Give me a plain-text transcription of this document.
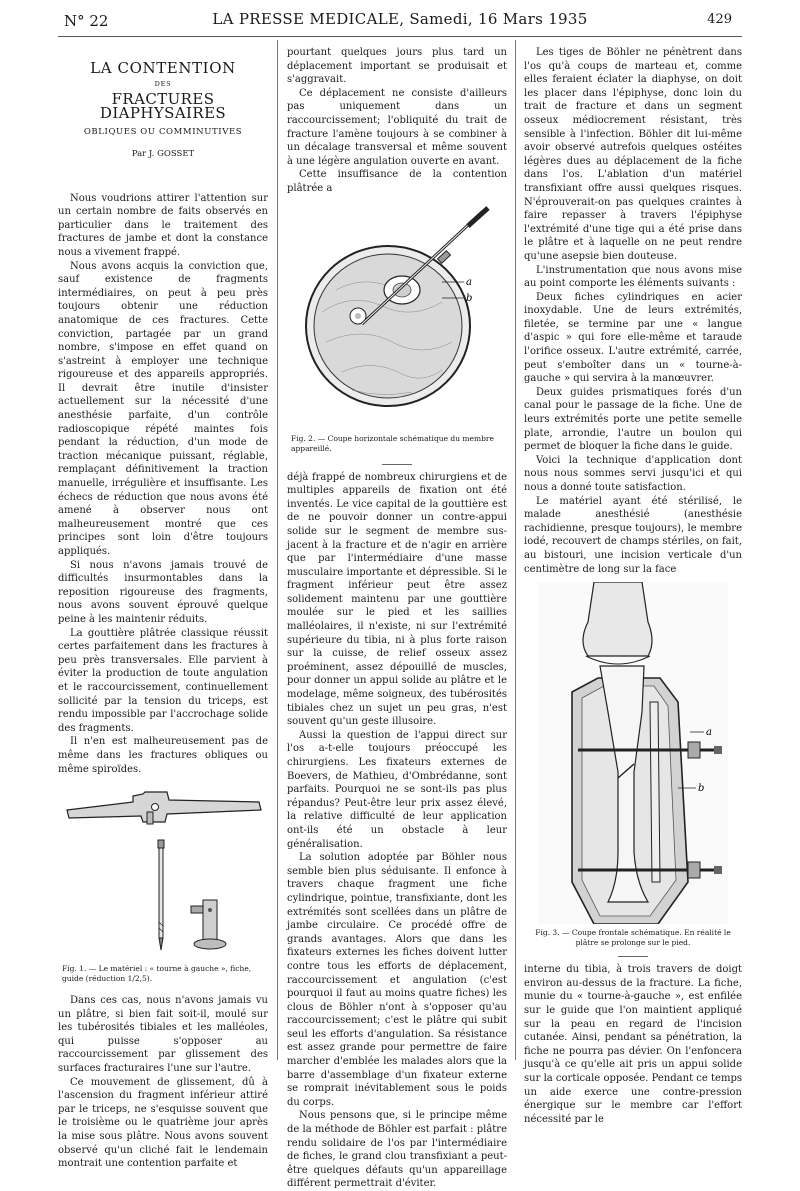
N° 22	LA PRESSE MEDICALE, Samedi, 16 Mars 1935	429
LA CONTENTION
DES
FRACTURES DIAPHYSAIRES
OBLIQUES OU COMMINUTIVES
Par J. GOSSET

Nous voudrions attirer l'attention sur un certain nombre de faits observés en particulier dans le traitement des fractures de jambe et dont la constance nous a vivement frappé.

Nous avons acquis la conviction que, sauf existence de fragments intermédiaires, on peut à peu près toujours obtenir une réduction anatomique de ces fractures. Cette conviction, partagée par un grand nombre, s'impose en effet quand on s'astreint à employer une technique rigoureuse et des appareils appropriés. Il devrait être inutile d'insister actuellement sur la nécessité d'une anesthésie parfaite, d'un contrôle radioscopique répété maintes fois pendant la réduction, d'un mode de traction mécanique puissant, réglable, remplaçant définitivement la traction manuelle, irrégulière et insuffisante. Les échecs de réduction que nous avons été amené à observer nous ont malheureusement montré que ces principes sont loin d'être toujours appliqués.

Si nous n'avons jamais trouvé de difficultés insurmontables dans la reposition rigoureuse des fragments, nous avons souvent éprouvé quelque peine à les maintenir réduits.

La gouttière plâtrée classique réussit certes parfaitement dans les fractures à peu près transversales. Elle parvient à éviter la production de toute angulation et le raccourcissement, continuellement sollicité par la tension du triceps, est rendu impossible par l'accrochage solide des fragments.

Il n'en est malheureusement pas de même dans les fractures obliques ou même spiroïdes.

Fig. 1. — Le matériel : « tourne à gauche », fiche, guide (réduction 1/2,5).

Dans ces cas, nous n'avons jamais vu un plâtre, si bien fait soit-il, moulé sur les tubérosités tibiales et les malléoles, qui puisse s'opposer au raccourcissement par glissement des surfaces fracturaires l'une sur l'autre.

Ce mouvement de glissement, dû à l'ascension du fragment inférieur attiré par le triceps, ne s'esquisse souvent que le troisième ou le quatrième jour après la mise sous plâtre. Nous avons souvent observé qu'un cliché fait le lendemain montrait une contention parfaite et

pourtant quelques jours plus tard un déplacement important se produisait et s'aggravait.

Ce déplacement ne consiste d'ailleurs pas uniquement dans un raccourcissement; l'obliquité du trait de fracture l'amène toujours à se combiner à un décalage transversal et même souvent à une légère angulation ouverte en avant.

Cette insuffisance de la contention plâtrée a

a
b
Fig. 2. — Coupe horizontale schématique du membre appareillé.

déjà frappé de nombreux chirurgiens et de multiples appareils de fixation ont été inventés. Le vice capital de la gouttière est de ne pouvoir donner un contre-appui solide sur le segment de membre sus-jacent à la fracture et de n'agir en arrière que par l'intermédiaire d'une masse musculaire importante et dépressible. Si le fragment inférieur peut être assez solidement maintenu par une gouttière moulée sur le pied et les saillies malléolaires, il n'existe, ni sur l'extrémité supérieure du tibia, ni à plus forte raison sur la cuisse, de relief osseux assez proéminent, assez dépouillé de muscles, pour donner un appui solide au plâtre et le modelage, même soigneux, des tubérosités tibiales chez un sujet un peu gras, n'est souvent qu'un geste illusoire.

Aussi la question de l'appui direct sur l'os a-t-elle toujours préoccupé les chirurgiens. Les fixateurs externes de Boevers, de Mathieu, d'Ombrédanne, sont parfaits. Pourquoi ne se sont-ils pas plus répandus? Peut-être leur prix assez élevé, la relative difficulté de leur application ont-ils été un obstacle à leur généralisation.

La solution adoptée par Böhler nous semble bien plus séduisante. Il enfonce à travers chaque fragment une fiche cylindrique, pointue, transfixiante, dont les extrémités sont scellées dans un plâtre de jambe circulaire. Ce procédé offre de grands avantages. Alors que dans les fixateurs externes les fiches doivent lutter contre tous les efforts de déplacement, raccourcissement et angulation (c'est pourquoi il faut au moins quatre fiches) les clous de Böhler n'ont à s'opposer qu'au raccourcissement; c'est le plâtre qui subit seul les efforts d'angulation. Sa résistance est assez grande pour permettre de faire marcher d'emblée les malades alors que la barre d'assemblage d'un fixateur externe se romprait inévitablement sous le poids du corps.

Nous pensons que, si le principe même de la méthode de Böhler est parfait : plâtre rendu solidaire de l'os par l'intermédiaire de fiches, le grand clou transfixiant a peut-être quelques défauts qu'un appareillage différent permettrait d'éviter.

Les tiges de Böhler ne pénètrent dans l'os qu'à coups de marteau et, comme elles feraient éclater la diaphyse, on doit les placer dans l'épiphyse, donc loin du trait de fracture et dans un segment osseux médiocrement résistant, très sensible à l'infection. Böhler dit lui-même avoir observé autrefois quelques ostéites légères dues au déplacement de la fiche dans l'os. L'ablation d'un matériel transfixiant offre aussi quelques risques. N'éprouverait-on pas quelques craintes à faire repasser à travers l'épiphyse l'extrémité d'une tige qui a été prise dans le plâtre et à laquelle on ne peut rendre qu'une asepsie bien douteuse.

L'instrumentation que nous avons mise au point comporte les éléments suivants :

Deux fiches cylindriques en acier inoxydable. Une de leurs extrémités, filetée, se termine par une « langue d'aspic » qui fore elle-même et taraude l'orifice osseux. L'autre extrémité, carrée, peut s'emboîter dans un « tourne-à-gauche » qui servira à la manœuvrer.

Deux guides prismatiques forés d'un canal pour le passage de la fiche. Une de leurs extrémités porte une petite semelle plate, arrondie, l'autre un boulon qui permet de bloquer la fiche dans le guide.

Voici la technique d'application dont nous nous sommes servi jusqu'ici et qui nous a donné toute satisfaction.

Le matériel ayant été stérilisé, le malade anesthésié (anesthésie rachidienne, presque toujours), le membre iodé, recouvert de champs stériles, on fait, au bistouri, une incision verticale d'un centimètre de long sur la face

a
b
Fig. 3. — Coupe frontale schématique. En réalité le plâtre se prolonge sur le pied.

interne du tibia, à trois travers de doigt environ au-dessus de la fracture. La fiche, munie du « tourne-à-gauche », est enfilée sur le guide que l'on maintient appliqué sur la peau en regard de l'incision cutanée. Ainsi, pendant sa pénétration, la fiche ne pourra pas dévier. On l'enfoncera jusqu'à ce qu'elle ait pris un appui solide sur la corticale opposée. Pendant ce temps un aide exerce une contre-pression énergique sur le membre car l'effort nécessité par le
